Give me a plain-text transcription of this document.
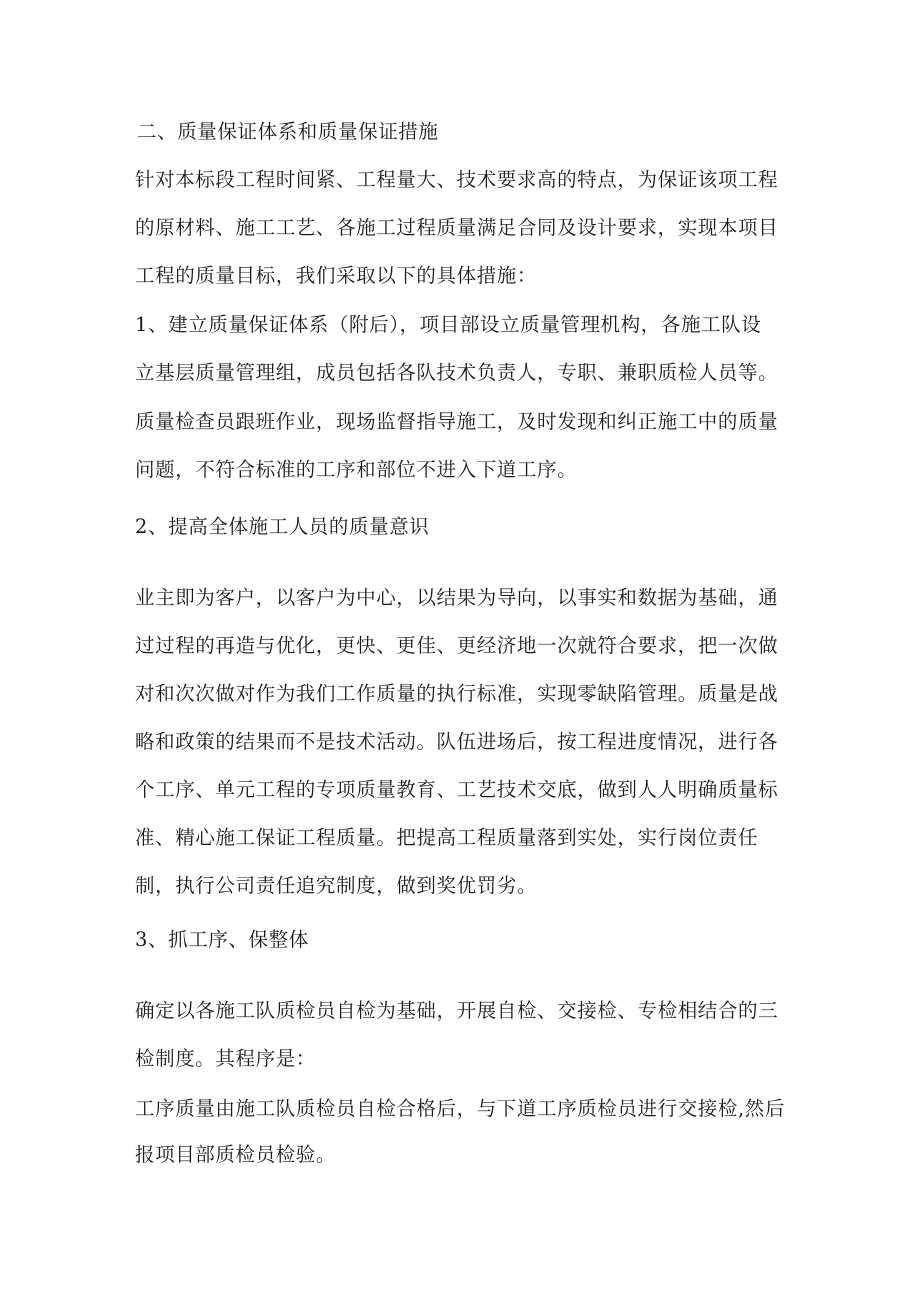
二、质量保证体系和质量保证措施
针对本标段工程时间紧、工程量大、技术要求高的特点，为保证该项工程
的原材料、施工工艺、各施工过程质量满足合同及设计要求，实现本项目
工程的质量目标，我们采取以下的具体措施：
1、建立质量保证体系（附后），项目部设立质量管理机构，各施工队设
立基层质量管理组，成员包括各队技术负责人，专职、兼职质检人员等。
质量检查员跟班作业，现场监督指导施工，及时发现和纠正施工中的质量
问题，不符合标准的工序和部位不进入下道工序。
2、提高全体施工人员的质量意识
业主即为客户，以客户为中心，以结果为导向，以事实和数据为基础，通
过过程的再造与优化，更快、更佳、更经济地一次就符合要求，把一次做
对和次次做对作为我们工作质量的执行标准，实现零缺陷管理。质量是战
略和政策的结果而不是技术活动。队伍进场后，按工程进度情况，进行各
个工序、单元工程的专项质量教育、工艺技术交底，做到人人明确质量标
准、精心施工保证工程质量。把提高工程质量落到实处，实行岗位责任
制，执行公司责任追究制度，做到奖优罚劣。
3、抓工序、保整体
确定以各施工队质检员自检为基础，开展自检、交接检、专检相结合的三
检制度。其程序是：
工序质量由施工队质检员自检合格后，与下道工序质检员进行交接检,然后
报项目部质检员检验。
